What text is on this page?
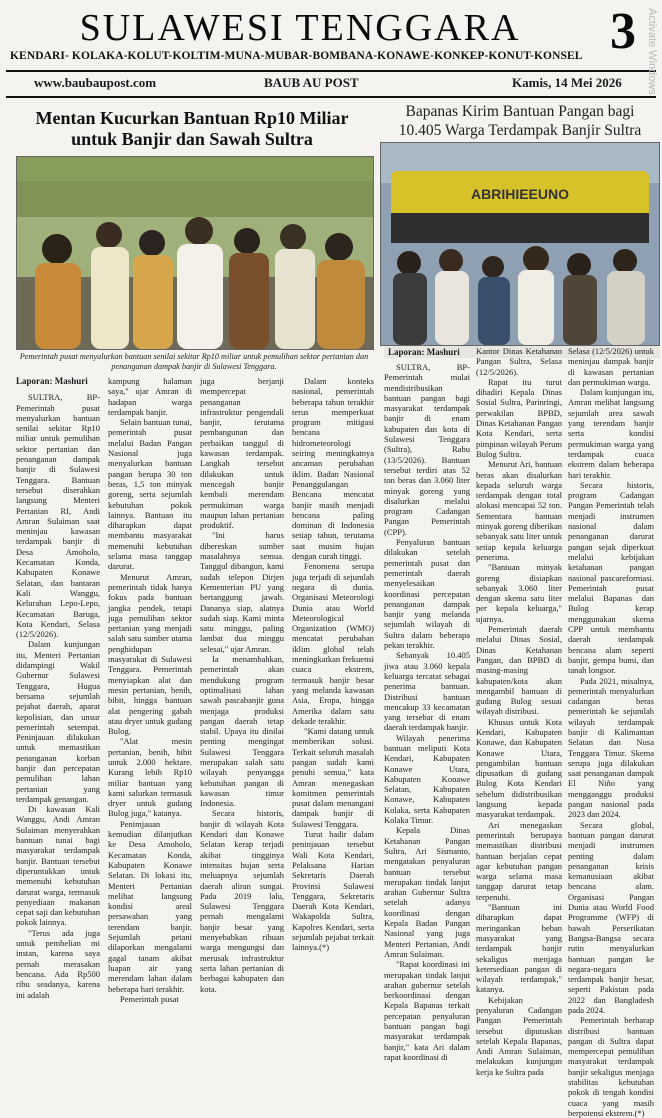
SULAWESI TENGGARA	3
KENDARI- KOLAKA-KOLUT-KOLTIM-MUNA-MUBAR-BOMBANA-KONAWE-KONKEP-KONUT-KONSEL
www.baubaupost.com	BAUB AU POST	Kamis, 14 Mei 2026	Activate Windows
Mentan Kucurkan Bantuan Rp10 Miliar
untuk Banjir dan Sawah Sultra
Bapanas Kirim Bantuan Pangan bagi
10.405 Warga Terdampak Banjir Sultra
Pemerintah pusat menyalurkan bantuan senilai sekitar Rp10 miliar untuk pemulihan sektor pertanian dan penanganan dampak banjir di Sulawesi Tenggara.
ABRIHIEEUNO
Laporan: Mashuri

Laporan: Mashuri

SULTRA, BP- Pemerintah pusat menyalurkan bantuan senilai sekitar Rp10 miliar untuk pemulihan sektor pertanian dan penanganan dampak banjir di Sulawesi Tenggara. Bantuan tersebut diserahkan langsung Menteri Pertanian RI, Andi Amran Sulaiman saat meninjau kawasan terdampak banjir di Desa Amoholo, Kecamatan Konda, Kabupaten Konawe Selatan, dan bantaran Kali Wanggu, Kelurahan Lepo-Lepo, Kecamatan Baruga, Kota Kendari, Selasa (12/5/2026).

Dalam kunjungan itu, Menteri Pertanian didampingi Wakil Gubernur Sulawesi Tenggara, Hugua bersama sejumlah pejabat daerah, aparat kepolisian, dan unsur pemerintah setempat. Peninjauan dilakukan untuk memastikan penanganan korban banjir dan percepatan pemulihan lahan pertanian yang terdampak genangan.

Di kawasan Kali Wanggu, Andi Amran Sulaiman menyerahkan bantuan tunai bagi masyarakat terdampak banjir. Bantuan tersebut diperuntukkan untuk memenuhi kebutuhan darurat warga, termasuk penyediaan makanan cepat saji dan kebutuhan pokok lainnya.

"Terus ada juga untuk pembelian mi instan, karena saya pernah merasakan bencana. Ada Rp500 ribu seadanya, karena ini adalah

kampung halaman saya," ujar Amran di hadapan warga terdampak banjir.

Selain bantuan tunai, pemerintah pusat melalui Badan Pangan Nasional juga menyalurkan bantuan pangan berupa 30 ton beras, 1,5 ton minyak goreng, serta sejumlah kebutuhan pokok lainnya. Bantuan itu diharapkan dapat membantu masyarakat memenuhi kebutuhan selama masa tanggap darurat.

Menurut Amran, pemerintah tidak hanya fokus pada bantuan jangka pendek, tetapi juga pemulihan sektor pertanian yang menjadi salah satu sumber utama penghidupan masyarakat di Sulawesi Tenggara. Pemerintah menyiapkan alat dan mesin pertanian, benih, bibit, hingga bantuan alat pengering gabah atau dryer untuk gudang Bulog.

"Alat mesin pertanian, benih, bibit untuk 2.000 hektare. Kurang lebih Rp10 miliar bantuan yang kami salurkan termasuk dryer untuk gudang Bulog juga," katanya.

Penimjauan kemudian dilanjutkan ke Desa Amoholo, Kecamatan Konda, Kabupaten Konawe Selatan. Di lokasi itu, Menteri Pertanian melihat langsung kondisi areal persawahan yang terendam banjir. Sejumlah petani dilaporkan mengalami gagal tanam akibat luapan air yang merendam lahan dalam beberapa hari terakhir.

Pemerintah pusat

juga berjanji mempercepat penanganan infrastruktur pengendali banjir, terutama pembangunan dan perbaikan tanggul di kawasan terdampak. Langkah tersebut dilakukan untuk mencegah banjir kembali merendam permukiman warga maupun lahan pertanian produktif.

"Ini harus dibereskan sumber masalahnya semua. Tanggul dibangun, kami sudah telepon Dirjen Kementerian PU yang bertanggung jawab. Dananya siap, alatnya sudah siap. Kami minta satu minggu, paling lambat dua minggu selesai," ujar Amran.

Ia menambahkan, pemerintah akan mendukung program optimalisasi lahan sawah pascabanjir guna menjaga produksi pangan daerah tetap stabil. Upaya itu dinilai penting mengingat Sulawesi Tenggara merupakan salah satu wilayah penyangga kebutuhan pangan di kawasan timur Indonesia.

Secara historis, banjir di wilayah Kota Kendari dan Konawe Selatan kerap terjadi akibat tingginya intensitas hujan serta meluapnya sejumlah daerah aliran sungai. Pada 2019 lalu, Sulawesi Tenggara pernah mengalami banjir besar yang menyebabkan ribuan warga mengungsi dan merusak infrastruktur serta lahan pertanian di berbagai kabupaten dan kota.

Dalam konteks nasional, pemerintah beberapa tahun terakhir terus memperkuat program mitigasi bencana hidrometeorologi seiring meningkatnya ancaman perubahan iklim. Badan Nasional Penanggulangan Bencana mencatat banjir masih menjadi bencana paling dominan di Indonesia setiap tahun, terutama saat musim hujan dengan curah tinggi.

Fenomena serupa juga terjadi di sejumlah negara di dunia. Organisasi Meteorologi Dunia atau World Meteorological Organization (WMO) mencatat perubahan iklim global telah meningkatkan frekuensi cuaca ekstrem, termasuk banjir besar yang melanda kawasan Asia, Eropa, hingga Amerika dalam satu dekade terakhir.

"Kami datang untuk memberikan solusi. Terkait seluruh masalah pangan sudah kami penuhi semua," kata Amran menegaskan komitmen pemerintah pusat dalam menangani dampak banjir di Sulawesi Tenggara.

Turut hadir dalam peninjauan tersebut Wali Kota Kendari, Pelaksana Harian Sekretaris Daerah Provinsi Sulawesi Tenggara, Sekretaris Daerah Kota Kendari, Wakapolda Sultra, Kapolres Kendari, serta sejumlah pejabat terkait lainnya.(*)

SULTRA, BP- Pemerintah mulai mendistribusikan bantuan pangan bagi masyarakat terdampak banjir di enam kabupaten dan kota di Sulawesi Tenggara (Sultra), Rabu (13/5/2026). Bantuan tersebut terdiri atas 52 ton beras dan 3.060 liter minyak goreng yang disalurkan melalui program Cadangan Pangan Pemerintah (CPP).

Penyaluran bantuan dilakukan setelah pemerintah pusat dan pemerintah daerah menyelesaikan koordinasi percepatan penanganan dampak banjir yang melanda sejumlah wilayah di Sultra dalam beberapa pekan terakhir.

Sebanyak 10.405 jiwa atau 3.060 kepala keluarga tercatat sebagai penerima bantuan. Distribusi bantuan mencakup 33 kecamatan yang tersebar di enam daerah terdampak banjir.

Wilayah penerima bantuan meliputi Kota Kendari, Kabupaten Konawe Utara, Kabupaten Konawe Selatan, Kabupaten Konawe, Kabupaten Kolaka, serta Kabupaten Kolaka Timur.

Kepala Dinas Ketahanan Pangan Sultra, Ari Sismanto, mengatakan penyaluran bantuan tersebut merupakan tindak lanjut arahan Gubernur Sultra setelah adanya koordinasi dengan Kepala Badan Pangan Nasional yang juga Menteri Pertanian, Andi Amran Sulaiman.

"Rapat koordinasi ini merupakan tindak lanjut arahan gubernur setelah berkoordinasi dengan Kepala Bapanas terkait percepatan penyaluran bantuan pangan bagi masyarakat terdampak banjir," kata Ari dalam rapat koordinasi di

Kantor Dinas Ketahanan Pangan Sultra, Selasa (12/5/2026).

Rapat itu turut dihadiri Kepala Dinas Sosial Sultra, Parinringi, perwakilan BPBD, Dinas Ketahanan Pangan Kota Kendari, serta pimpinan wilayah Perum Bulog Sultra.

Menurut Ari, bantuan beras akan disalurkan kepada seluruh warga terdampak dengan total alokasi mencapai 52 ton. Sementara bantuan minyak goreng diberikan sebanyak satu liter untuk setiap kepala keluarga penerima.

"Bantuan minyak goreng disiapkan sebanyak 3.060 liter dengan skema satu liter per kepala keluarga," ujarnya.

Pemerintah daerah melalui Dinas Sosial, Dinas Ketahanan Pangan, dan BPBD di masing-masing kabupaten/kota akan mengambil bantuan di gudang Bulog sesuai wilayah distribusi.

Khusus untuk Kota Kendari, Kabupaten Konawe, dan Kabupaten Konawe Utara, pengambilan bantuan dipusatkan di gudang Bulog Kota Kendari sebelum didistribusikan langsung kepada masyarakat terdampak.

Ari menegaskan pemerintah berupaya memastikan distribusi bantuan berjalan cepat agar kebutuhan pangan warga selama masa tanggap darurat tetap terpenuhi.

"Bantuan ini diharapkan dapat meringankan beban masyarakat yang terdampak banjir sekaligus menjaga ketersediaan pangan di wilayah terdampak," katanya.

Kebijakan penyaluran Cadangan Pangan Pemerintah tersebut diputuskan setelah Kepala Bapanas, Andi Amran Sulaiman, melakukan kunjungan kerja ke Sultra pada

Selasa (12/5/2026) untuk meninjau dampak banjir di kawasan pertanian dan permukiman warga.

Dalam kunjungan itu, Amran melihat langsung sejumlah area sawah yang terendam banjir serta kondisi permukiman warga yang terdampak cuaca ekstrem dalam beberapa hari terakhir.

Secara historis, program Cadangan Pangan Pemerintah telah menjadi instrumen nasional dalam penanganan darurat pangan sejak diperkuat melalui kebijakan ketahanan pangan nasional pascareformasi. Pemerintah pusat melalui Bapanas dan Bulog kerap menggunakan skema CPP untuk membantu daerah terdampak bencana alam seperti banjir, gempa bumi, dan tanah longsor.

Pada 2021, misalnya, pemerintah menyalurkan cadangan beras pemerintah ke sejumlah wilayah terdampak banjir di Kalimantan Selatan dan Nusa Tenggara Timur. Skema serupa juga dilakukan saat penanganan dampak El Niño yang mengganggu produksi pangan nasional pada 2023 dan 2024.

Secara global, bantuan pangan darurat menjadi instrumen penting dalam penanganan krisis kemanusiaan akibat bencana alam. Organisasi Pangan Dunia atau World Food Programme (WFP) di bawah Perserikatan Bangsa-Bangsa secara rutin menyalurkan bantuan pangan ke negara-negara terdampak banjir besar, seperti Pakistan pada 2022 dan Bangladesh pada 2024.

Pemerintah berharap distribusi bantuan pangan di Sultra dapat mempercepat pemulihan masyarakat terdampak banjir sekaligus menjaga stabilitas kebutuhan pokok di tengah kondisi cuaca yang masih berpotensi ekstrem.(*)
